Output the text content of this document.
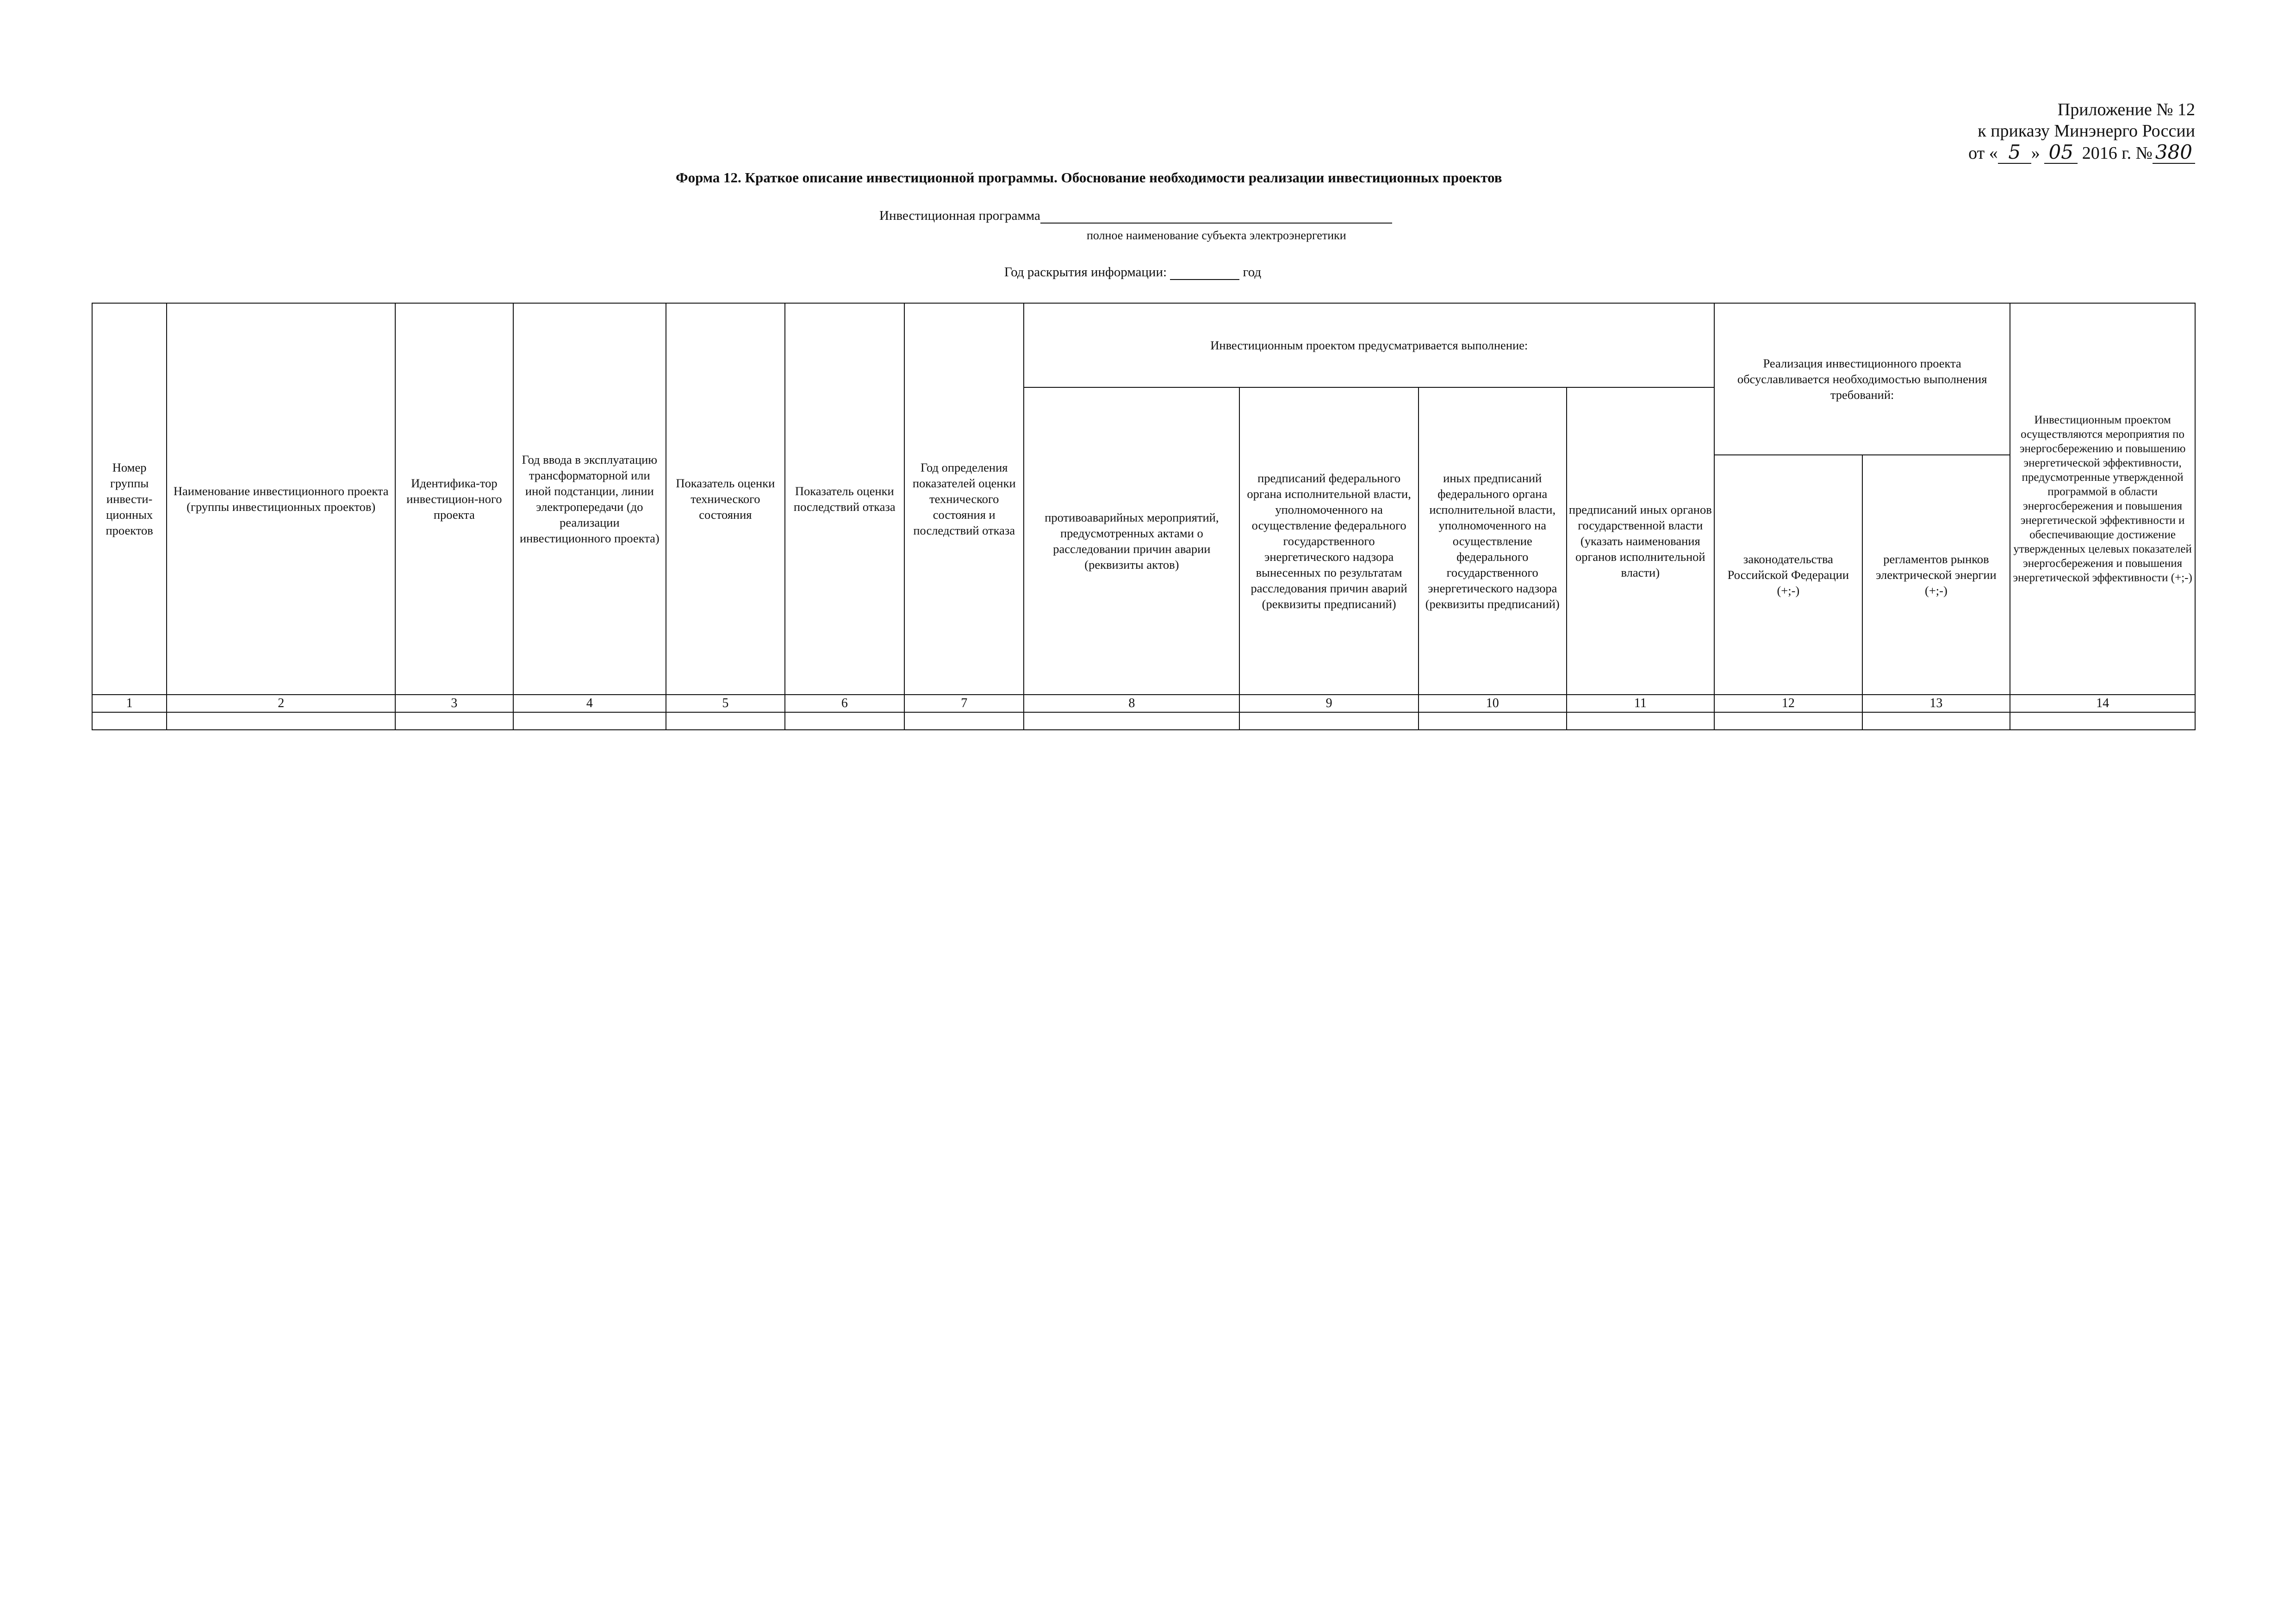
Приложение № 12
к приказу Минэнерго России
от « 5 » 05 2016 г. № 380
Форма 12. Краткое описание инвестиционной программы. Обоснование необходимости реализации инвестиционных проектов
Инвестиционная программа
полное наименование субъекта электроэнергетики
Год раскрытия информации:	год
Номер группы инвести-ционных проектов	Наименование инвестиционного проекта (группы инвестиционных проектов)	Идентифика-тор инвестицион-ного проекта	Год ввода в эксплуатацию трансформаторной или иной подстанции, линии электропередачи (до реализации инвестиционного проекта)	Показатель оценки технического состояния	Показатель оценки последствий отказа	Год определения показателей оценки технического состояния и последствий отказа	Инвестиционным проектом предусматривается выполнение:				Реализация инвестиционного проекта обсуславливается необходимостью выполнения требований:		Инвестиционным проектом осуществляются мероприятия по энергосбережению и повышению энергетической эффективности, предусмотренные утвержденной программой в области энергосбережения и повышения энергетической эффективности и обеспечивающие достижение утвержденных целевых показателей энергосбережения и повышения энергетической эффективности (+;-)
							противоаварийных мероприятий, предусмотренных актами о расследовании причин аварии (реквизиты актов)	предписаний федерального органа исполнительной власти, уполномоченного на осуществление федерального государственного энергетического надзора вынесенных по результатам расследования причин аварий (реквизиты предписаний)	иных предписаний федерального органа исполнительной власти, уполномоченного на осуществление федерального государственного энергетического надзора (реквизиты предписаний)	предписаний иных органов государственной власти (указать наименования органов исполнительной власти)			
											законодательства Российской Федерации (+;-)	регламентов рынков электрической энергии (+;-)	
1	2	3	4	5	6	7	8	9	10	11	12	13	14
